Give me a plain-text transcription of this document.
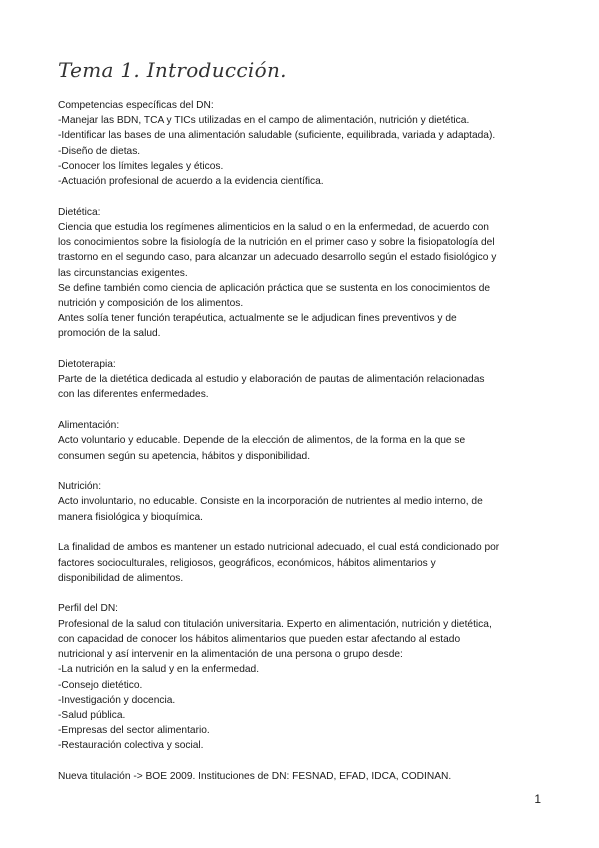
Tema 1. Introducción.
Competencias específicas del DN:
-Manejar las BDN, TCA y TICs utilizadas en el campo de alimentación, nutrición y dietética.
-Identificar las bases de una alimentación saludable (suficiente, equilibrada, variada y adaptada).
-Diseño de dietas.
-Conocer los límites legales y éticos.
-Actuación profesional de acuerdo a la evidencia científica.
Dietética:
Ciencia que estudia los regímenes alimenticios en la salud o en la enfermedad, de acuerdo con
los conocimientos sobre la fisiología de la nutrición en el primer caso y sobre la fisiopatología del
trastorno en el segundo caso, para alcanzar un adecuado desarrollo según el estado fisiológico y
las circunstancias exigentes.
Se define también como ciencia de aplicación práctica que se sustenta en los conocimientos de
nutrición y composición de los alimentos.
Antes solía tener función terapéutica, actualmente se le adjudican fines preventivos y de
promoción de la salud.
Dietoterapia:
Parte de la dietética dedicada al estudio y elaboración de pautas de alimentación relacionadas
con las diferentes enfermedades.
Alimentación:
Acto voluntario y educable. Depende de la elección de alimentos, de la forma en la que se
consumen según su apetencia, hábitos y disponibilidad.
Nutrición:
Acto involuntario, no educable. Consiste en la incorporación de nutrientes al medio interno, de
manera fisiológica y bioquímica.
La finalidad de ambos es mantener un estado nutricional adecuado, el cual está condicionado por
factores socioculturales, religiosos, geográficos, económicos, hábitos alimentarios y
disponibilidad de alimentos.
Perfil del DN:
Profesional de la salud con titulación universitaria. Experto en alimentación, nutrición y dietética,
con capacidad de conocer los hábitos alimentarios que pueden estar afectando al estado
nutricional y así intervenir en la alimentación de una persona o grupo desde:
-La nutrición en la salud y en la enfermedad.
-Consejo dietético.
-Investigación y docencia.
-Salud pública.
-Empresas del sector alimentario.
-Restauración colectiva y social.
Nueva titulación -> BOE 2009. Instituciones de DN: FESNAD, EFAD, IDCA, CODINAN.
1
